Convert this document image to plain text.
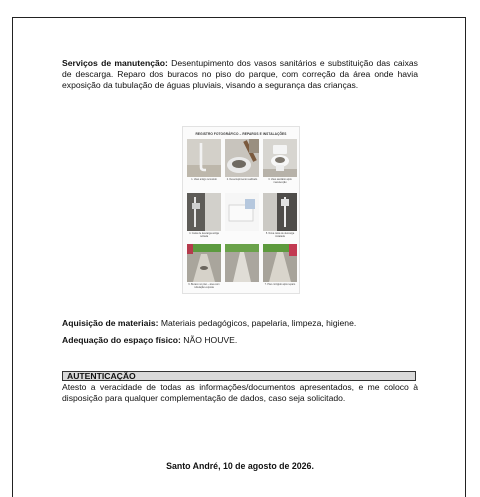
Serviços de manutenção: Desentupimento dos vasos sanitários e substituição das caixas de descarga. Reparo dos buracos no piso do parque, com correção da área onde havia exposição da tubulação de águas pluviais, visando a segurança das crianças.
REGISTRO FOTOGRÁFICO – REPAROS E INSTALAÇÕES
1. Vaso antigo removido	2. Desentupimento realizado	3. Vaso sanitário após manutenção
4. Caixa de descarga antiga retirada
5. Nova caixa de descarga instalada
6. Buraco no piso – área com tubulação exposta
7. Piso corrigido após reparo
Aquisição de materiais: Materiais pedagógicos, papelaria, limpeza, higiene.
Adequação do espaço físico: NÃO HOUVE.
AUTENTICAÇÃO
Atesto a veracidade de todas as informações/documentos apresentados, e me coloco à disposição para qualquer complementação de dados, caso seja solicitado.
Santo André, 10 de agosto de 2026.
